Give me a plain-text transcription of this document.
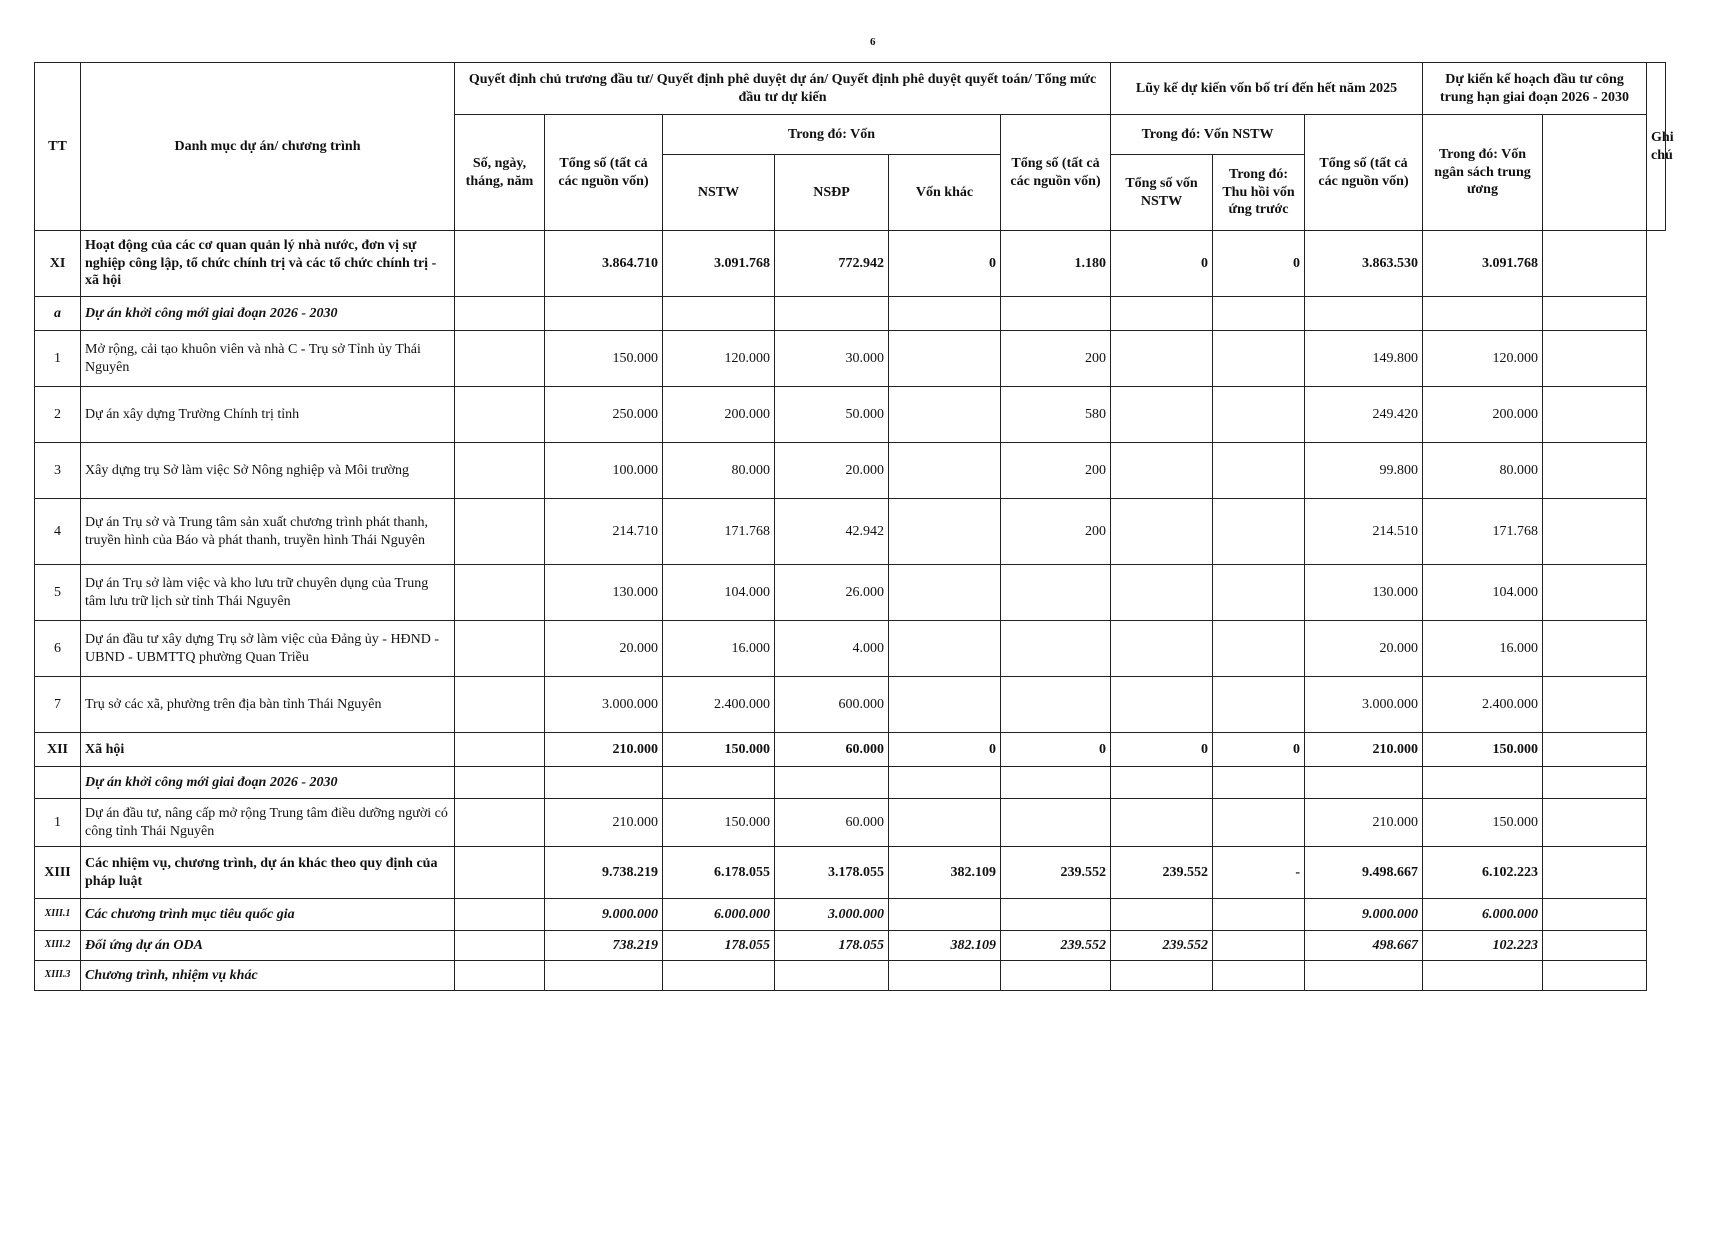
6
TT	Danh mục dự án/ chương trình	Quyết định chủ trương đầu tư/ Quyết định phê duyệt dự án/ Quyết định phê duyệt quyết toán/ Tổng mức đầu tư dự kiến						Lũy kế dự kiến vốn bố trí đến hết năm 2025			Dự kiến kế hoạch đầu tư công trung hạn giai đoạn 2026 - 2030		Ghi chú
		Số, ngày, tháng, năm	Tổng số (tất cả các nguồn vốn)	Trong đó: Vốn			Tổng số (tất cả các nguồn vốn)	Trong đó: Vốn NSTW		Tổng số (tất cả các nguồn vốn)	Trong đó: Vốn ngân sách trung ương		
				NSTW	NSĐP	Vốn khác		Tổng số vốn NSTW	Trong đó: Thu hồi vốn ứng trước				
XI	Hoạt động của các cơ quan quản lý nhà nước, đơn vị sự nghiệp công lập, tổ chức chính trị và các tổ chức chính trị - xã hội		3.864.710	3.091.768	772.942	0	1.180	0	0	3.863.530	3.091.768		
a	Dự án khởi công mới giai đoạn 2026 - 2030												
1	Mở rộng, cải tạo khuôn viên và nhà C - Trụ sở Tỉnh ủy Thái Nguyên		150.000	120.000	30.000		200			149.800	120.000		
2	Dự án xây dựng Trường Chính trị tỉnh		250.000	200.000	50.000		580			249.420	200.000		
3	Xây dựng trụ Sở làm việc Sở Nông nghiệp và Môi trường		100.000	80.000	20.000		200			99.800	80.000		
4	Dự án Trụ sở và Trung tâm sản xuất chương trình phát thanh, truyền hình của Báo và phát thanh, truyền hình Thái Nguyên		214.710	171.768	42.942		200			214.510	171.768		
5	Dự án Trụ sở làm việc và kho lưu trữ chuyên dụng của Trung tâm lưu trữ lịch sử tỉnh Thái Nguyên		130.000	104.000	26.000					130.000	104.000		
6	Dự án đầu tư xây dựng Trụ sở làm việc của Đảng ủy - HĐND - UBND - UBMTTQ phường Quan Triều		20.000	16.000	4.000					20.000	16.000		
7	Trụ sở các xã, phường trên địa bàn tỉnh Thái Nguyên		3.000.000	2.400.000	600.000					3.000.000	2.400.000		
XII	Xã hội		210.000	150.000	60.000	0	0	0	0	210.000	150.000		
	Dự án khởi công mới giai đoạn 2026 - 2030												
1	Dự án đầu tư, nâng cấp mở rộng Trung tâm điều dưỡng người có công tỉnh Thái Nguyên		210.000	150.000	60.000					210.000	150.000		
XIII	Các nhiệm vụ, chương trình, dự án khác theo quy định của pháp luật		9.738.219	6.178.055	3.178.055	382.109	239.552	239.552	-	9.498.667	6.102.223		
XIII.1	Các chương trình mục tiêu quốc gia		9.000.000	6.000.000	3.000.000					9.000.000	6.000.000		
XIII.2	Đối ứng dự án ODA		738.219	178.055	178.055	382.109	239.552	239.552		498.667	102.223		
XIII.3	Chương trình, nhiệm vụ khác												
